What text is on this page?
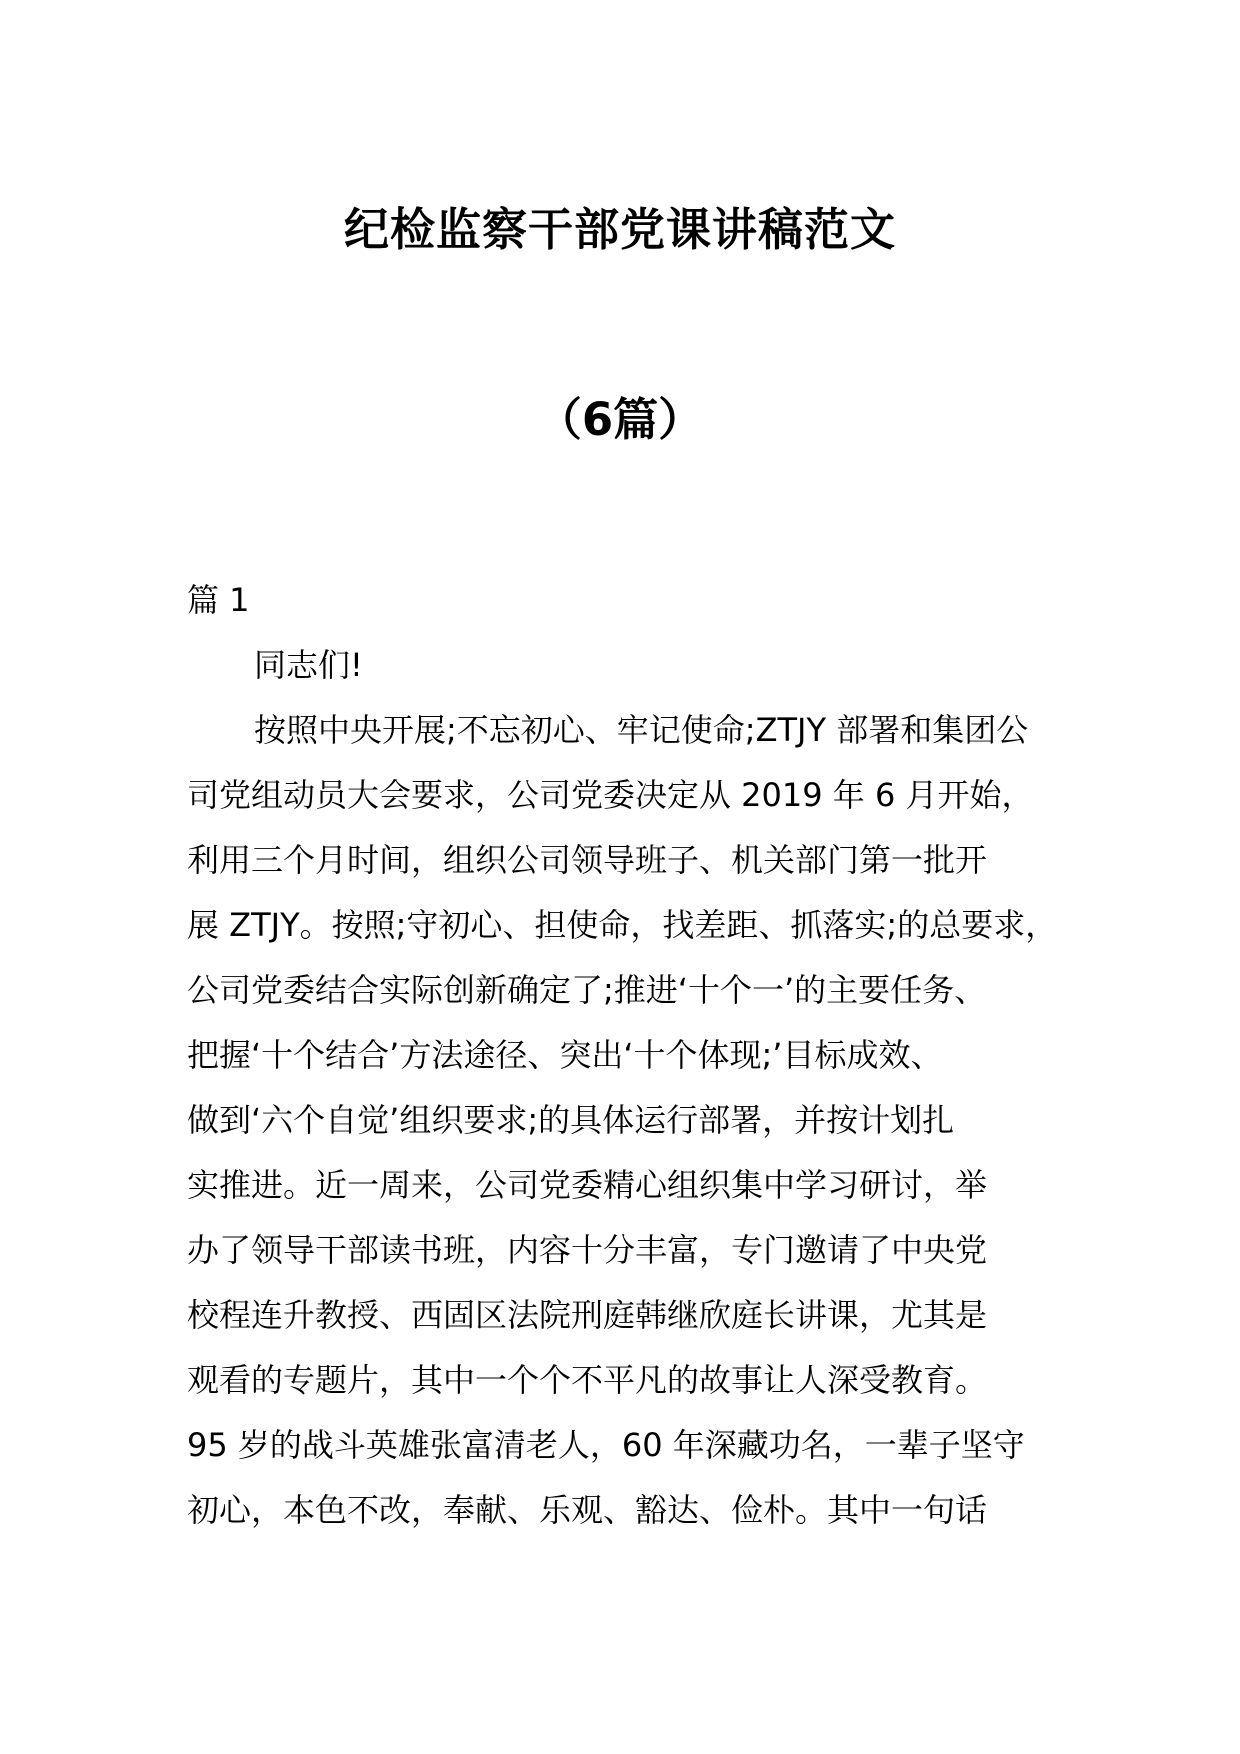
纪检监察干部党课讲稿范文
（6篇）

篇 1

同志们!

按照中央开展;不忘初心、牢记使命;ZTJY 部署和集团公
司党组动员大会要求，公司党委决定从 2019 年 6 月开始，
利用三个月时间，组织公司领导班子、机关部门第一批开
展 ZTJY。按照;守初心、担使命，找差距、抓落实;的总要求，
公司党委结合实际创新确定了;推进‘十个一’的主要任务、
把握‘十个结合’方法途径、突出‘十个体现;’目标成效、
做到‘六个自觉’组织要求;的具体运行部署，并按计划扎
实推进。近一周来，公司党委精心组织集中学习研讨，举
办了领导干部读书班，内容十分丰富，专门邀请了中央党
校程连升教授、西固区法院刑庭韩继欣庭长讲课，尤其是
观看的专题片，其中一个个不平凡的故事让人深受教育。
95 岁的战斗英雄张富清老人，60 年深藏功名，一辈子坚守
初心，本色不改，奉献、乐观、豁达、俭朴。其中一句话
